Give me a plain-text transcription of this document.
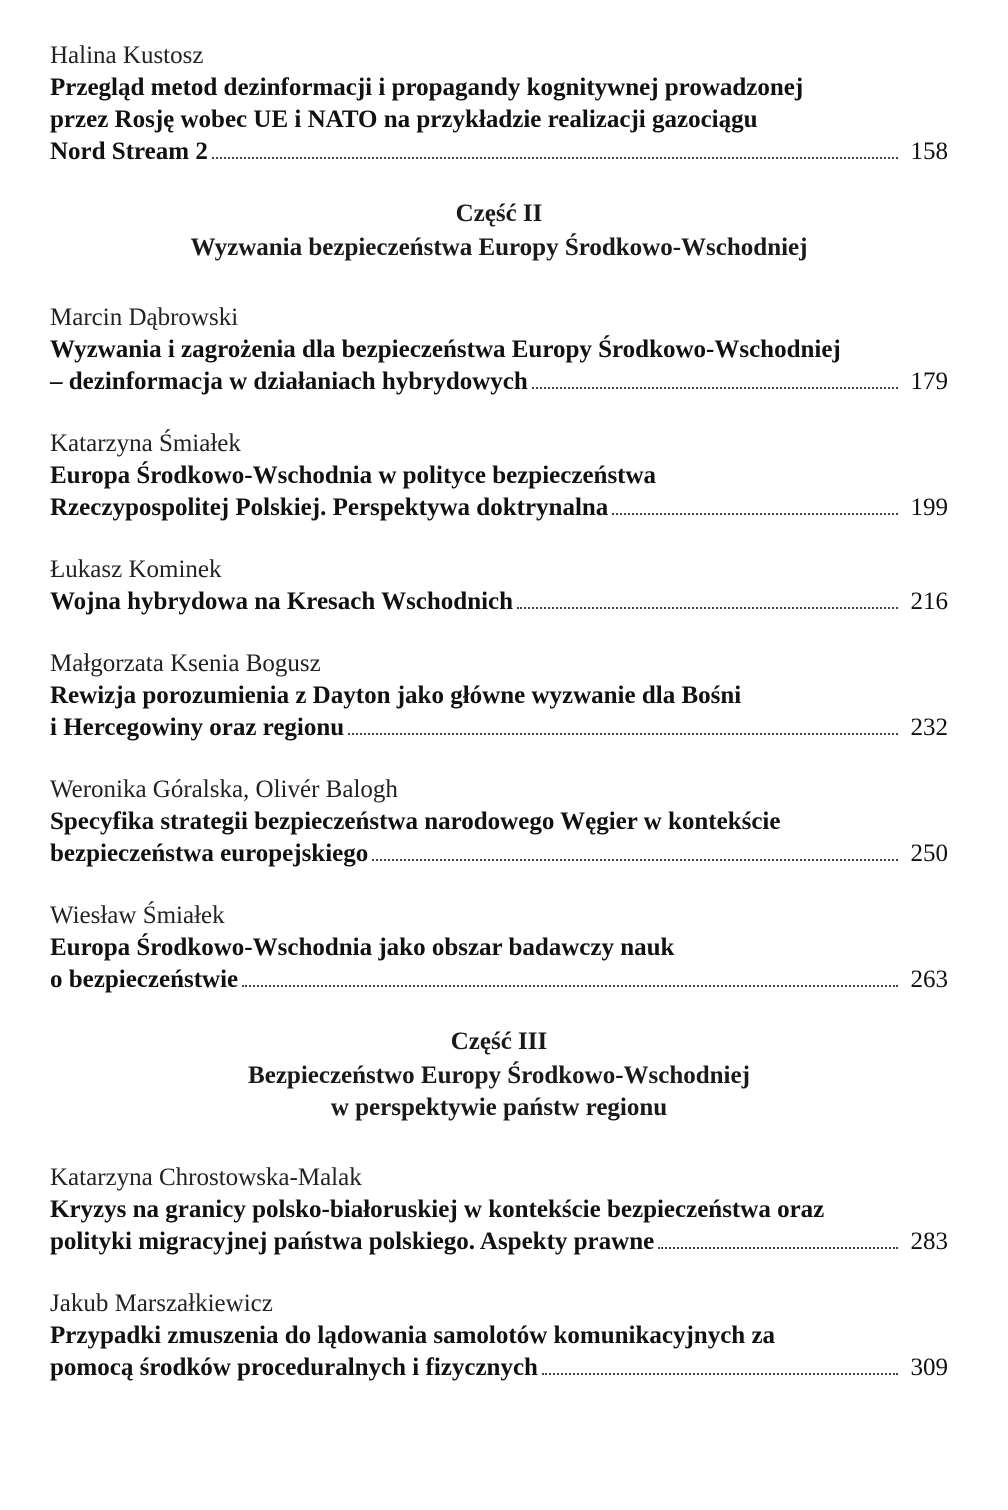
Halina Kustosz
Przegląd metod dezinformacji i propagandy kognitywnej prowadzonej
przez Rosję wobec UE i NATO na przykładzie realizacji gazociągu
Nord Stream 2	158
Część II
Wyzwania bezpieczeństwa Europy Środkowo-Wschodniej
Marcin Dąbrowski
Wyzwania i zagrożenia dla bezpieczeństwa Europy Środkowo-Wschodniej
– dezinformacja w działaniach hybrydowych	179
Katarzyna Śmiałek
Europa Środkowo-Wschodnia w polityce bezpieczeństwa
Rzeczypospolitej Polskiej. Perspektywa doktrynalna	199
Łukasz Kominek
Wojna hybrydowa na Kresach Wschodnich	216
Małgorzata Ksenia Bogusz
Rewizja porozumienia z Dayton jako główne wyzwanie dla Bośni
i Hercegowiny oraz regionu	232
Weronika Góralska, Olivér Balogh
Specyfika strategii bezpieczeństwa narodowego Węgier w kontekście
bezpieczeństwa europejskiego	250
Wiesław Śmiałek
Europa Środkowo-Wschodnia jako obszar badawczy nauk
o bezpieczeństwie	263
Część III
Bezpieczeństwo Europy Środkowo-Wschodniej
w perspektywie państw regionu
Katarzyna Chrostowska-Malak
Kryzys na granicy polsko-białoruskiej w kontekście bezpieczeństwa oraz
polityki migracyjnej państwa polskiego. Aspekty prawne	283
Jakub Marszałkiewicz
Przypadki zmuszenia do lądowania samolotów komunikacyjnych za
pomocą środków proceduralnych i fizycznych	309
